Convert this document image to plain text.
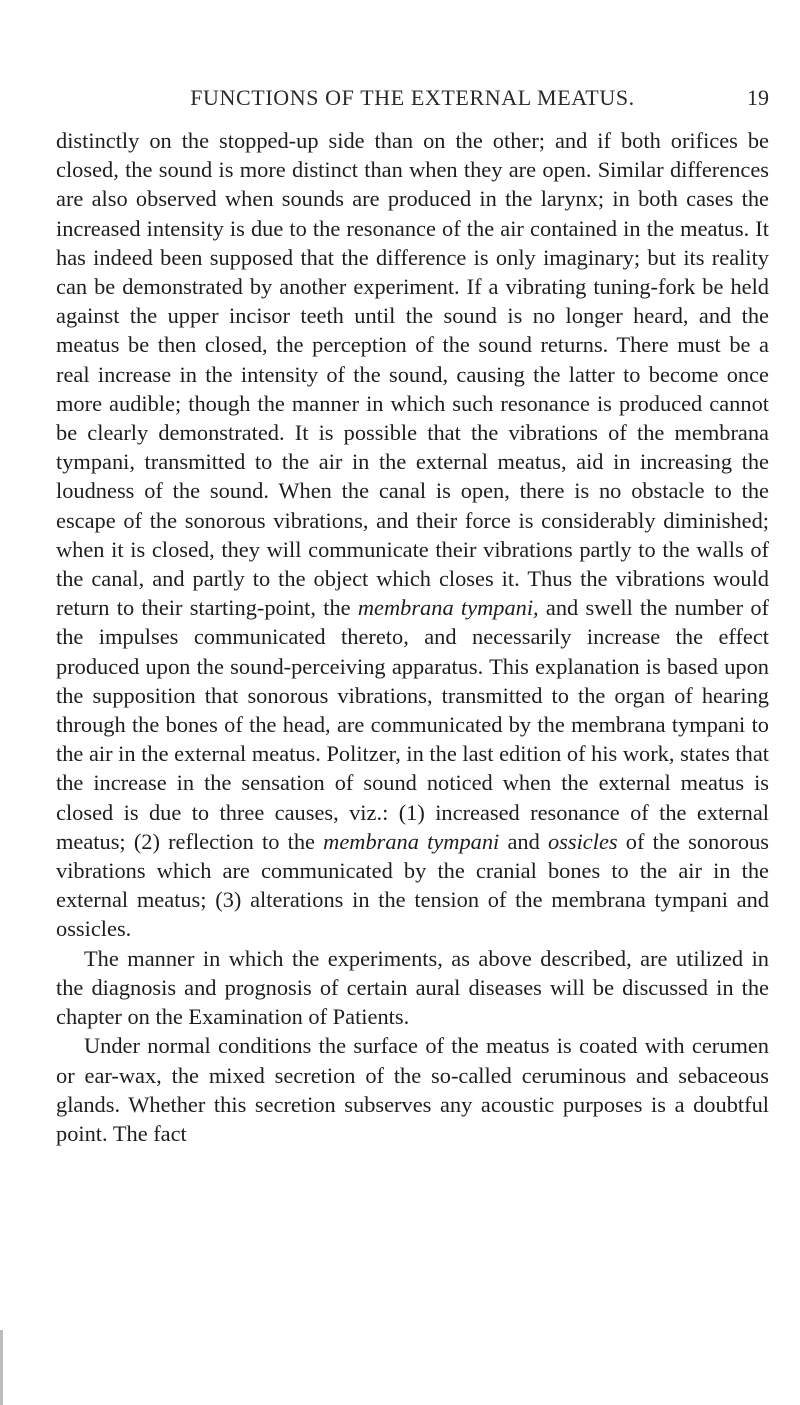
FUNCTIONS OF THE EXTERNAL MEATUS.	19

distinctly on the stopped-up side than on the other; and if both orifices be closed, the sound is more distinct than when they are open. Similar differences are also observed when sounds are produced in the larynx; in both cases the increased intensity is due to the resonance of the air contained in the meatus. It has indeed been supposed that the difference is only imaginary; but its reality can be demonstrated by another experiment. If a vibrating tuning-fork be held against the upper incisor teeth until the sound is no longer heard, and the meatus be then closed, the perception of the sound returns. There must be a real increase in the intensity of the sound, causing the latter to become once more audible; though the manner in which such resonance is produced cannot be clearly demonstrated. It is possible that the vibrations of the membrana tympani, transmitted to the air in the external meatus, aid in increasing the loudness of the sound. When the canal is open, there is no obstacle to the escape of the sonorous vibrations, and their force is considerably diminished; when it is closed, they will communicate their vibrations partly to the walls of the canal, and partly to the object which closes it. Thus the vibrations would return to their starting-point, the membrana tympani, and swell the number of the impulses communicated thereto, and necessarily increase the effect produced upon the sound-perceiving apparatus. This explanation is based upon the supposition that sonorous vibrations, transmitted to the organ of hearing through the bones of the head, are communicated by the membrana tympani to the air in the external meatus. Politzer, in the last edition of his work, states that the increase in the sensation of sound noticed when the external meatus is closed is due to three causes, viz.: (1) increased resonance of the external meatus; (2) reflection to the membrana tympani and ossicles of the sonorous vibrations which are communicated by the cranial bones to the air in the external meatus; (3) alterations in the tension of the membrana tympani and ossicles.

The manner in which the experiments, as above described, are utilized in the diagnosis and prognosis of certain aural diseases will be discussed in the chapter on the Examination of Patients.

Under normal conditions the surface of the meatus is coated with cerumen or ear-wax, the mixed secretion of the so-called ceruminous and sebaceous glands. Whether this secretion subserves any acoustic purposes is a doubtful point. The fact
